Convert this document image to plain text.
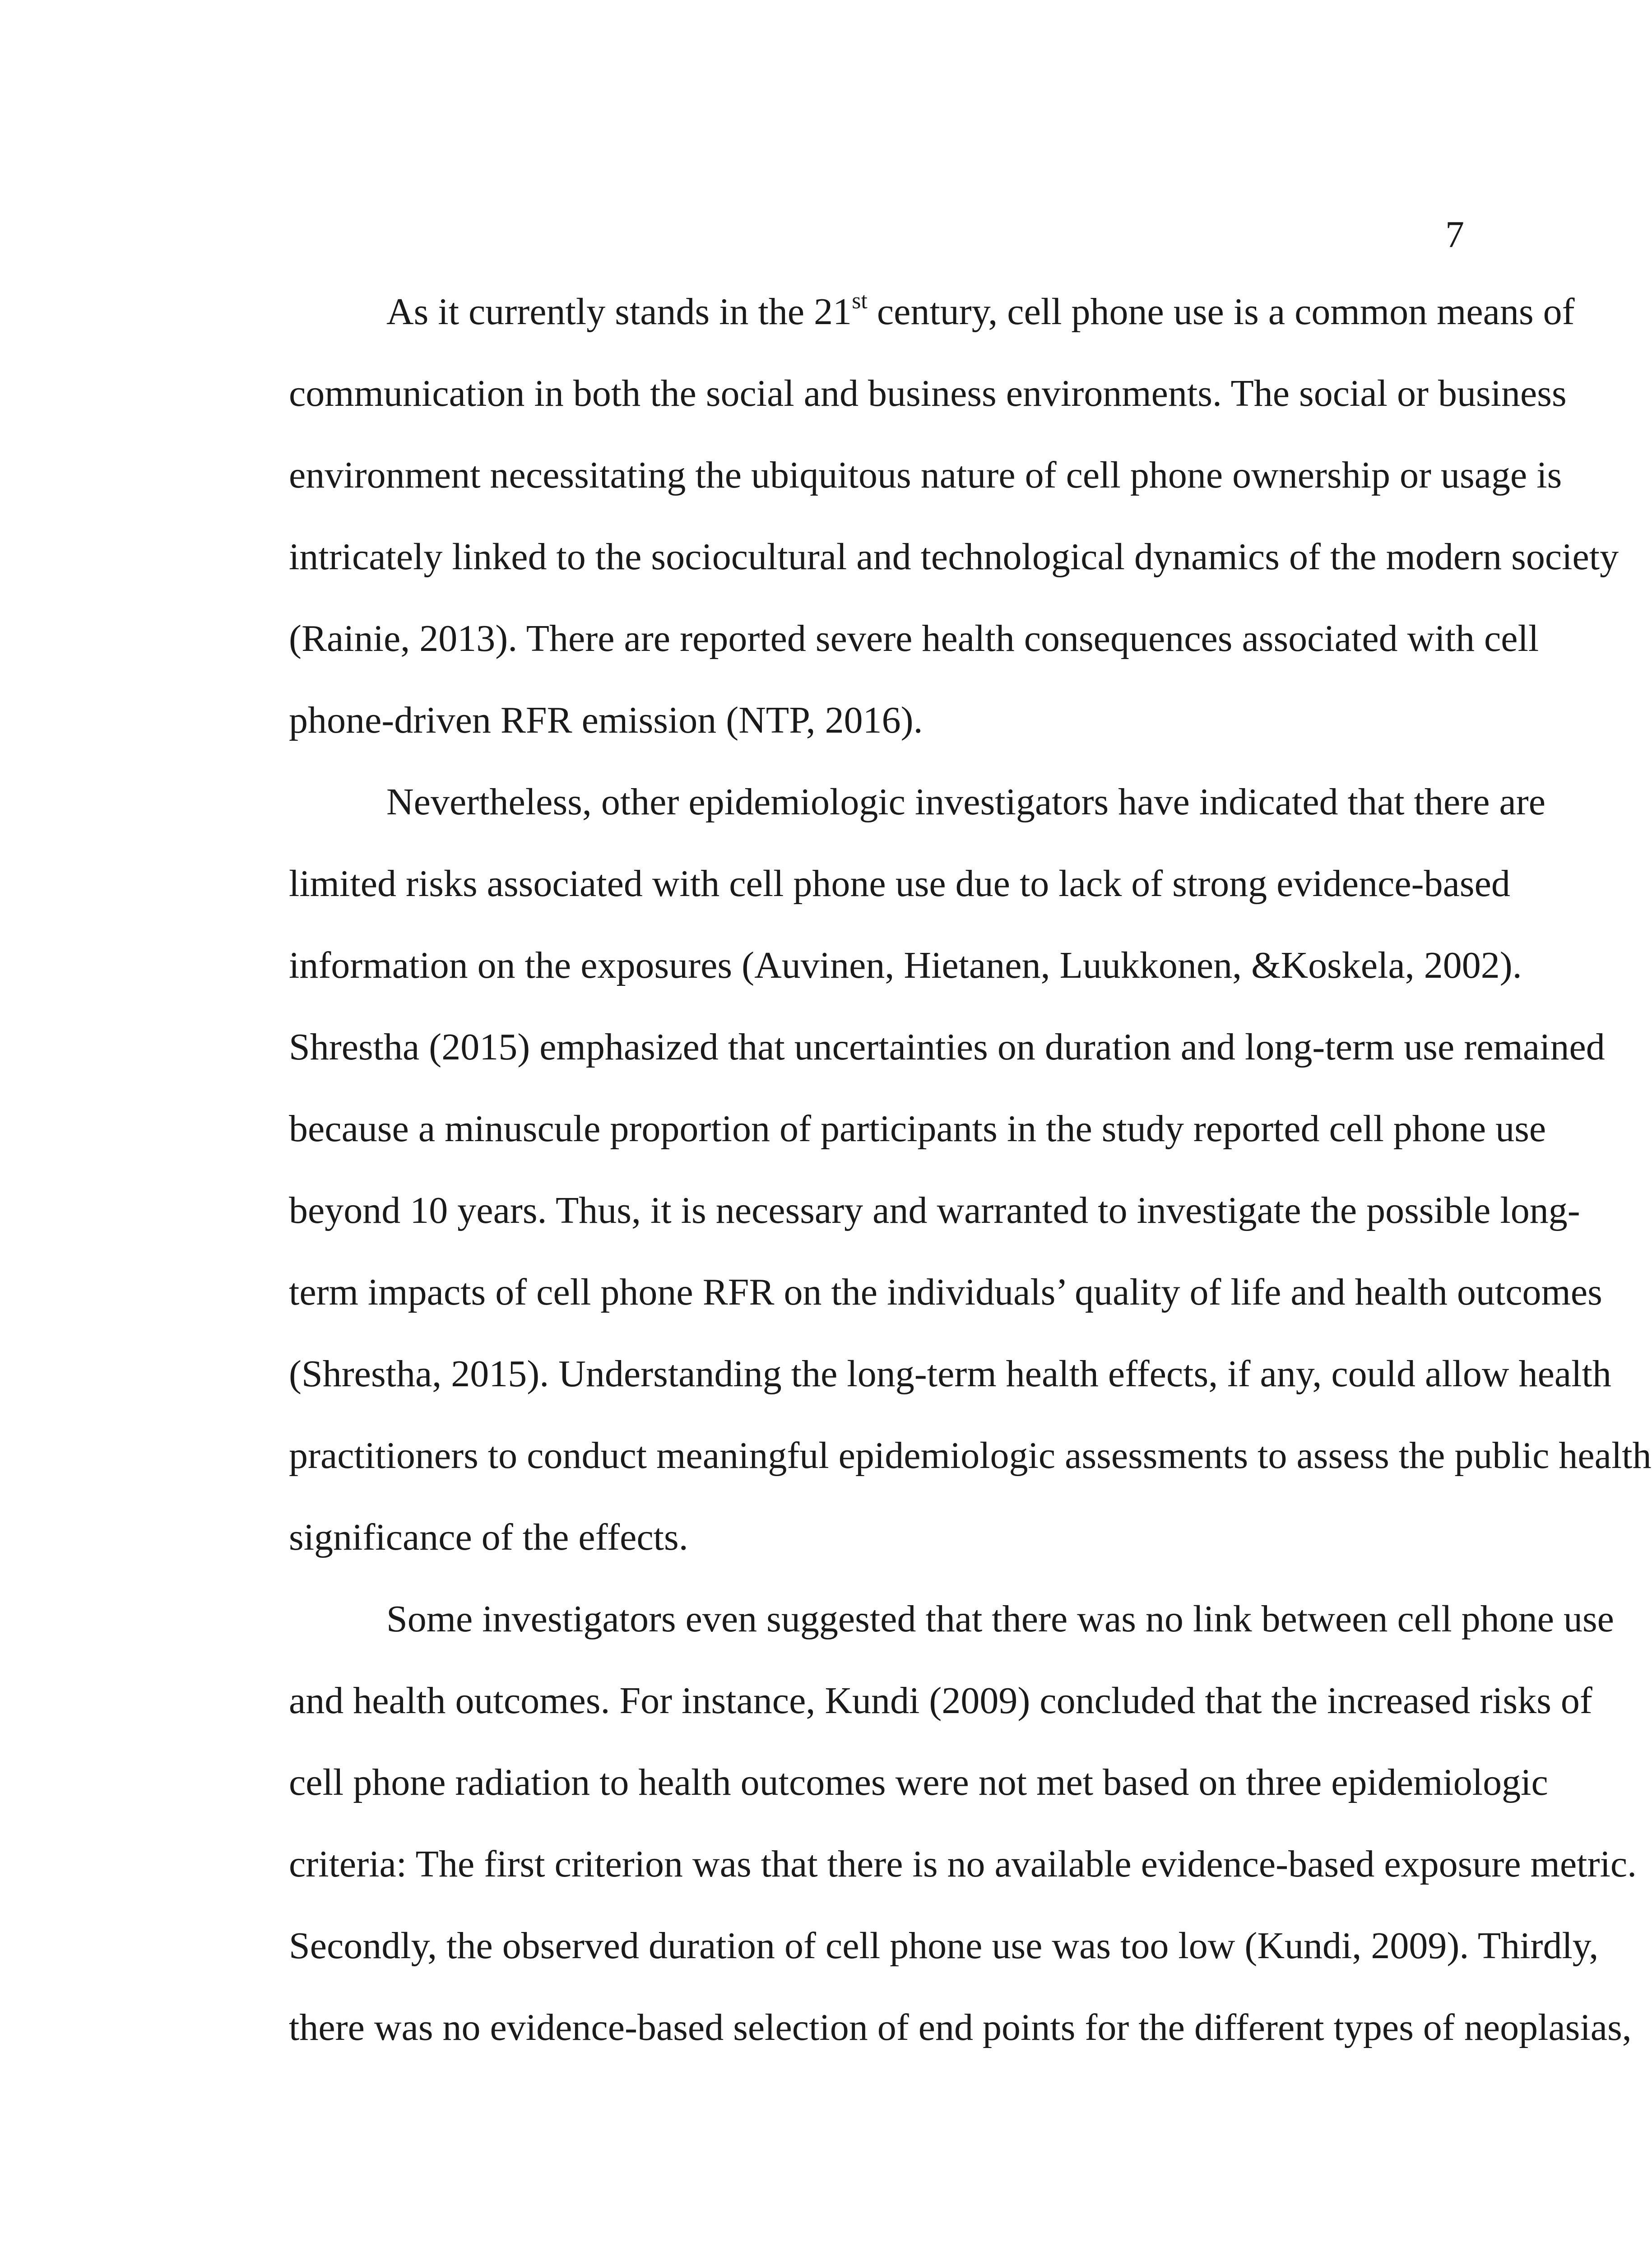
7
As it currently stands in the 21st century, cell phone use is a common means of
communication in both the social and business environments. The social or business
environment necessitating the ubiquitous nature of cell phone ownership or usage is
intricately linked to the sociocultural and technological dynamics of the modern society
(Rainie, 2013). There are reported severe health consequences associated with cell
phone-driven RFR emission (NTP, 2016).
Nevertheless, other epidemiologic investigators have indicated that there are
limited risks associated with cell phone use due to lack of strong evidence-based
information on the exposures (Auvinen, Hietanen, Luukkonen, &Koskela, 2002).
Shrestha (2015) emphasized that uncertainties on duration and long-term use remained
because a minuscule proportion of participants in the study reported cell phone use
beyond 10 years. Thus, it is necessary and warranted to investigate the possible long-
term impacts of cell phone RFR on the individuals’ quality of life and health outcomes
(Shrestha, 2015). Understanding the long-term health effects, if any, could allow health
practitioners to conduct meaningful epidemiologic assessments to assess the public health
significance of the effects.
Some investigators even suggested that there was no link between cell phone use
and health outcomes. For instance, Kundi (2009) concluded that the increased risks of
cell phone radiation to health outcomes were not met based on three epidemiologic
criteria: The first criterion was that there is no available evidence-based exposure metric.
Secondly, the observed duration of cell phone use was too low (Kundi, 2009). Thirdly,
there was no evidence-based selection of end points for the different types of neoplasias,
